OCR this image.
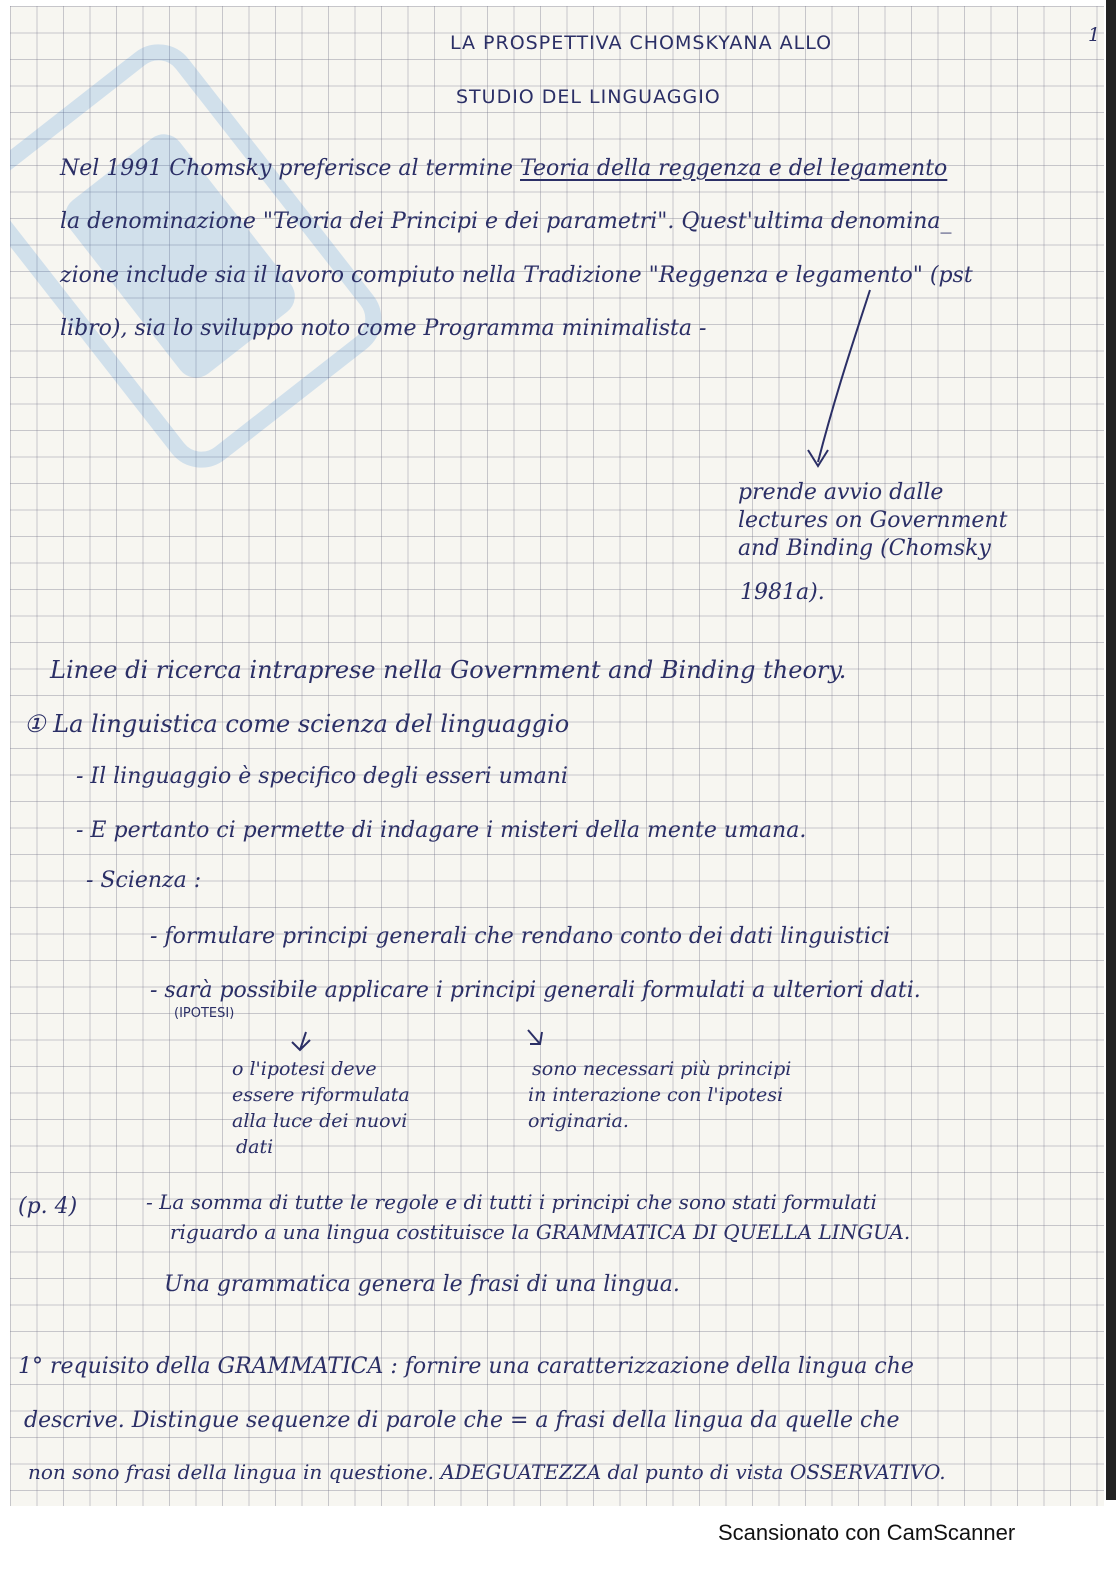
1
LA PROSPETTIVA CHOMSKYANA ALLO
STUDIO DEL LINGUAGGIO
Nel 1991 Chomsky preferisce al termine Teoria della reggenza e del legamento
la denominazione "Teoria dei Principi e dei parametri". Quest'ultima denomina_
zione include sia il lavoro compiuto nella Tradizione "Reggenza e legamento" (pst
libro), sia lo sviluppo noto come Programma minimalista -
prende avvio dalle
lectures on Government
and Binding (Chomsky
1981a).
Linee di ricerca intraprese nella Government and Binding theory.
① La linguistica come scienza del linguaggio
- Il linguaggio è specifico degli esseri umani
- E pertanto ci permette di indagare i misteri della mente umana.
- Scienza :
- formulare principi generali che rendano conto dei dati linguistici
- sarà possibile applicare i principi generali formulati a ulteriori dati.
(IPOTESI)
o l'ipotesi deve
essere riformulata
alla luce dei nuovi
dati
sono necessari più principi
in interazione con l'ipotesi
originaria.
(p. 4)	- La somma di tutte le regole e di tutti i principi che sono stati formulati
riguardo a una lingua costituisce la GRAMMATICA DI QUELLA LINGUA.
Una grammatica genera le frasi di una lingua.
1° requisito della GRAMMATICA : fornire una caratterizzazione della lingua che
descrive. Distingue sequenze di parole che = a frasi della lingua da quelle che
non sono frasi della lingua in questione. ADEGUATEZZA dal punto di vista OSSERVATIVO.
Scansionato con CamScanner
